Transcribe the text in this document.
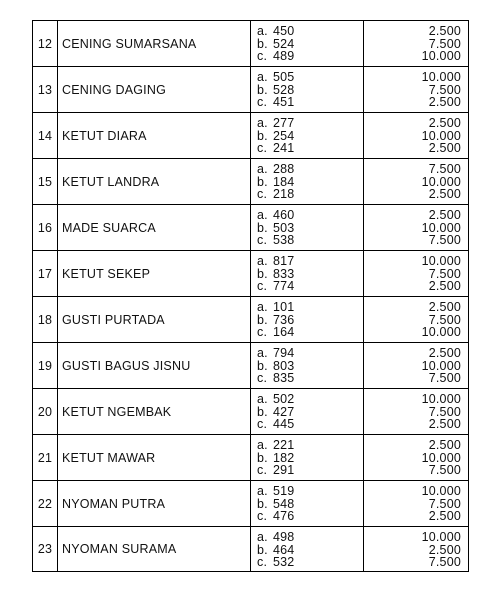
12 CENING SUMARSANA
a. 450
b. 524
c. 489
2.500
7.500
10.000
13 CENING DAGING
a. 505
b. 528
c. 451
10.000
7.500
2.500
14 KETUT DIARA
a. 277
b. 254
c. 241
2.500
10.000
2.500
15 KETUT LANDRA
a. 288
b. 184
c. 218
7.500
10.000
2.500
16 MADE SUARCA
a. 460
b. 503
c. 538
2.500
10.000
7.500
17 KETUT SEKEP
a. 817
b. 833
c. 774
10.000
7.500
2.500
18 GUSTI PURTADA
a. 101
b. 736
c. 164
2.500
7.500
10.000
19 GUSTI BAGUS JISNU
a. 794
b. 803
c. 835
2.500
10.000
7.500
20 KETUT NGEMBAK
a. 502
b. 427
c. 445
10.000
7.500
2.500
21 KETUT MAWAR
a. 221
b. 182
c. 291
2.500
10.000
7.500
22 NYOMAN PUTRA
a. 519
b. 548
c. 476
10.000
7.500
2.500
23 NYOMAN SURAMA
a. 498
b. 464
c. 532
10.000
2.500
7.500
